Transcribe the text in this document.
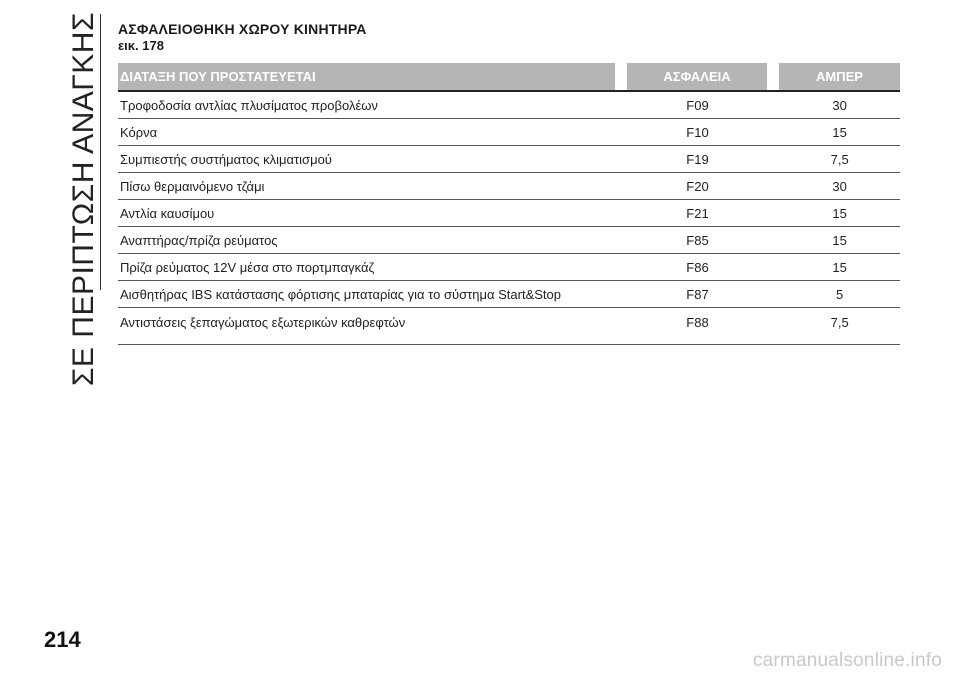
ΣΕ ΠΕΡΙΠΤΩΣΗ ΑΝΑΓΚΗΣ ΑΣΦΑΛΕΙΟΘΗΚΗ ΧΩΡΟΥ ΚΙΝΗΤΗΡΑ
εικ. 178
ΔΙΑΤΑΞΗ ΠΟΥ ΠΡΟΣΤΑΤΕΥΕΤΑΙ	ΑΣΦΑΛΕΙΑ	ΑΜΠΕΡ
Τροφοδοσία αντλίας πλυσίματος προβολέων	F09	30
Κόρνα	F10	15
Συμπιεστής συστήματος κλιματισμού	F19	7,5
Πίσω θερμαινόμενο τζάμι	F20	30
Αντλία καυσίμου	F21	15
Αναπτήρας/πρίζα ρεύματος	F85	15
Πρίζα ρεύματος 12V μέσα στο πορτμπαγκάζ	F86	15
Αισθητήρας IBS κατάστασης φόρτισης μπαταρίας για το σύστημα Start&Stop	F87	5
Αντιστάσεις ξεπαγώματος εξωτερικών καθρεφτών	F88	7,5
214
carmanualsonline.info
